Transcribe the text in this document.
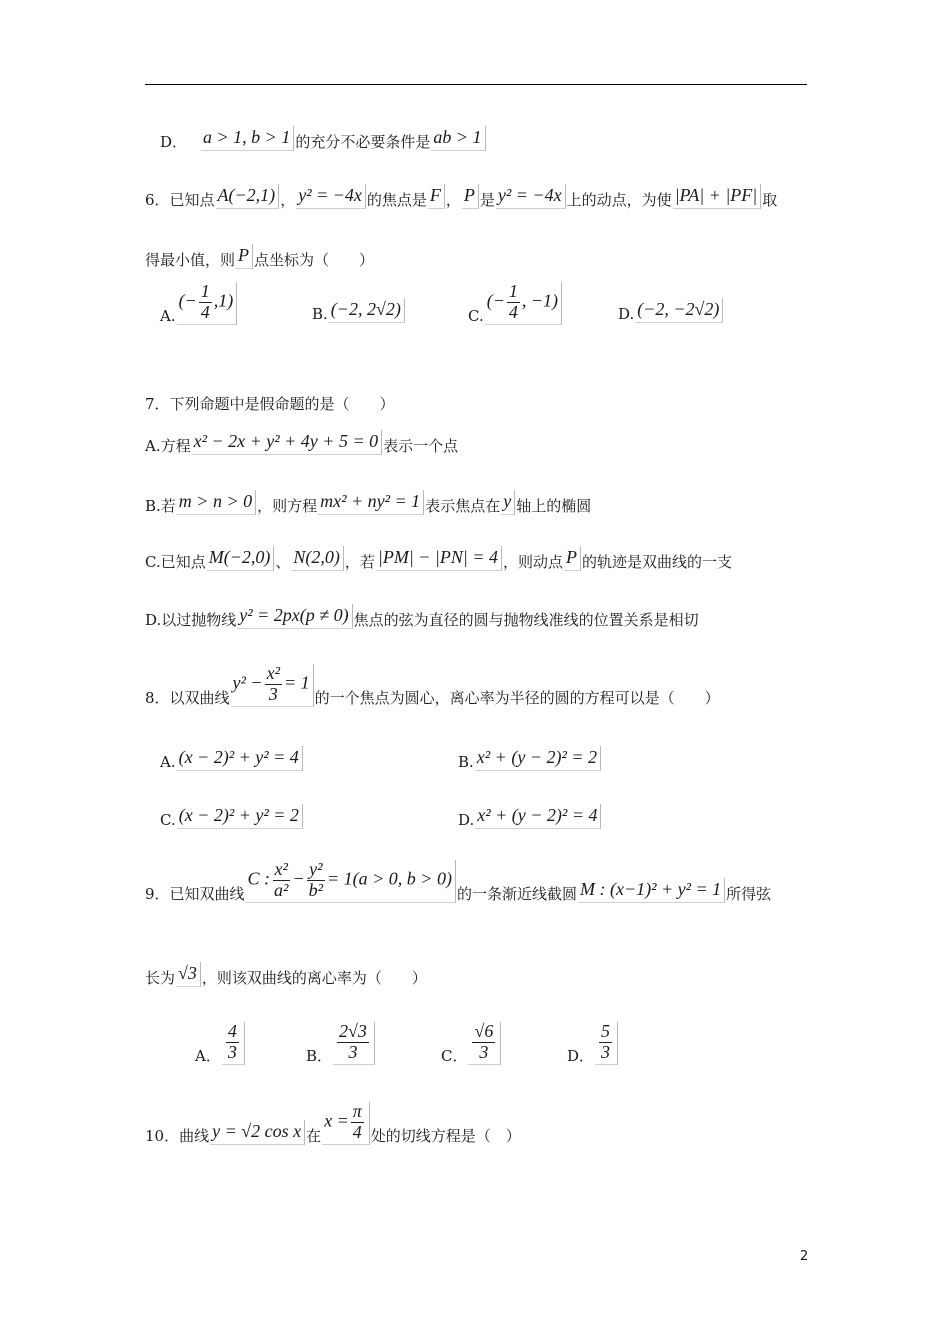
D． a > 1, b > 1 的充分不必要条件是 ab > 1
6．已知点 A(−2,1) ， y² = −4x 的焦点是 F ， P 是 y² = −4x 上的动点，为使 |PA| + |PF| 取
得最小值，则 P 点坐标为（　　）
A.
(− $\frac{1}{4} ,1$)
B. (−2, 2√2)	C.
(− $\frac{1}{4}$ , −1)
D. (−2, −2√2)
7．下列命题中是假命题的是（　　）
A.方程 x² − 2x + y² + 4y + 5 = 0 表示一个点
B.若 m > n > 0 ，则方程 mx² + ny² = 1 表示焦点在 y 轴上的椭圆
C.已知点 M(−2,0) 、 N(2,0) ，若 |PM| − |PN| = 4 ，则动点 P 的轨迹是双曲线的一支
D.以过抛物线 y² = 2px(p ≠ 0) 焦点的弦为直径的圆与抛物线准线的位置关系是相切
8．以双曲线
$y^2 - \frac{\text{x²}}{3} = 1$
的一个焦点为圆心，离心率为半径的圆的方程可以是（　　）
A. (x − 2)² + y² = 4	B. x² + (y − 2)² = 2
C. (x − 2)² + y² = 2	D. x² + (y − 2)² = 4
9．已知双曲线
C : $\frac{\text{x²}}{\text{a²}} - \frac{\text{y²}}{\text{b²}} = 1(a > 0$, b > 0)
的一条渐近线截圆 M : (x−1)² + y² = 1 所得弦
长为 √3 ，则该双曲线的离心率为（　　）
A． $\frac{4}{3}$	B． $\frac{2√3}{3}$	C． $\frac{√6}{3}$	D． $\frac{5}{3}$
10．曲线 y = √2 cos x 在
$x = \frac{\pi}{4}$ 处的切线方程是（　）
2
